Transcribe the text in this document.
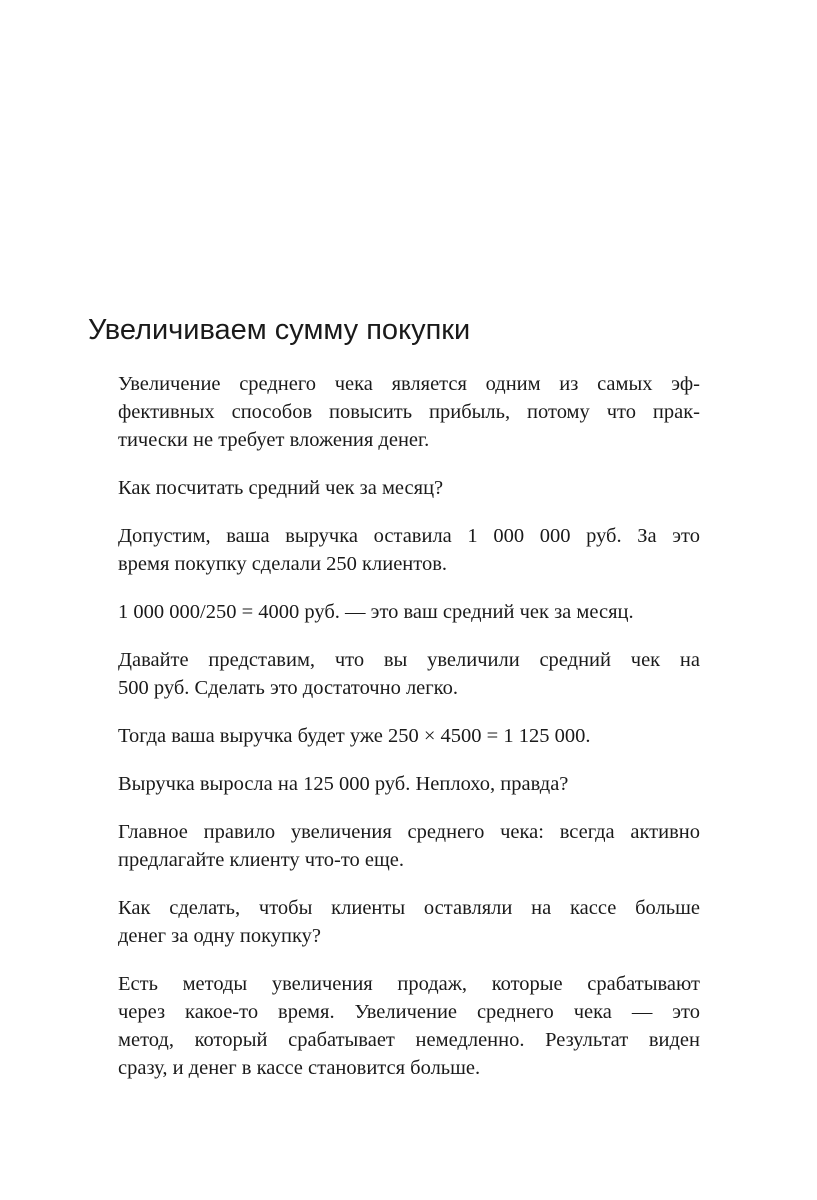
Увеличиваем сумму покупки

Увеличение среднего чека является одним из самых эф-
фективных способов повысить прибыль, потому что прак-
тически не требует вложения денег.

Как посчитать средний чек за месяц?

Допустим, ваша выручка оставила 1 000 000 руб. За это
время покупку сделали 250 клиентов.

1 000 000/250 = 4000 руб. — это ваш средний чек за месяц.

Давайте представим, что вы увеличили средний чек на
500 руб. Сделать это достаточно легко.

Тогда ваша выручка будет уже 250 × 4500 = 1 125 000.

Выручка выросла на 125 000 руб. Неплохо, правда?

Главное правило увеличения среднего чека: всегда активно
предлагайте клиенту что-то еще.

Как сделать, чтобы клиенты оставляли на кассе больше
денег за одну покупку?

Есть методы увеличения продаж, которые срабатывают
через какое-то время. Увеличение среднего чека — это
метод, который срабатывает немедленно. Результат виден
сразу, и денег в кассе становится больше.
